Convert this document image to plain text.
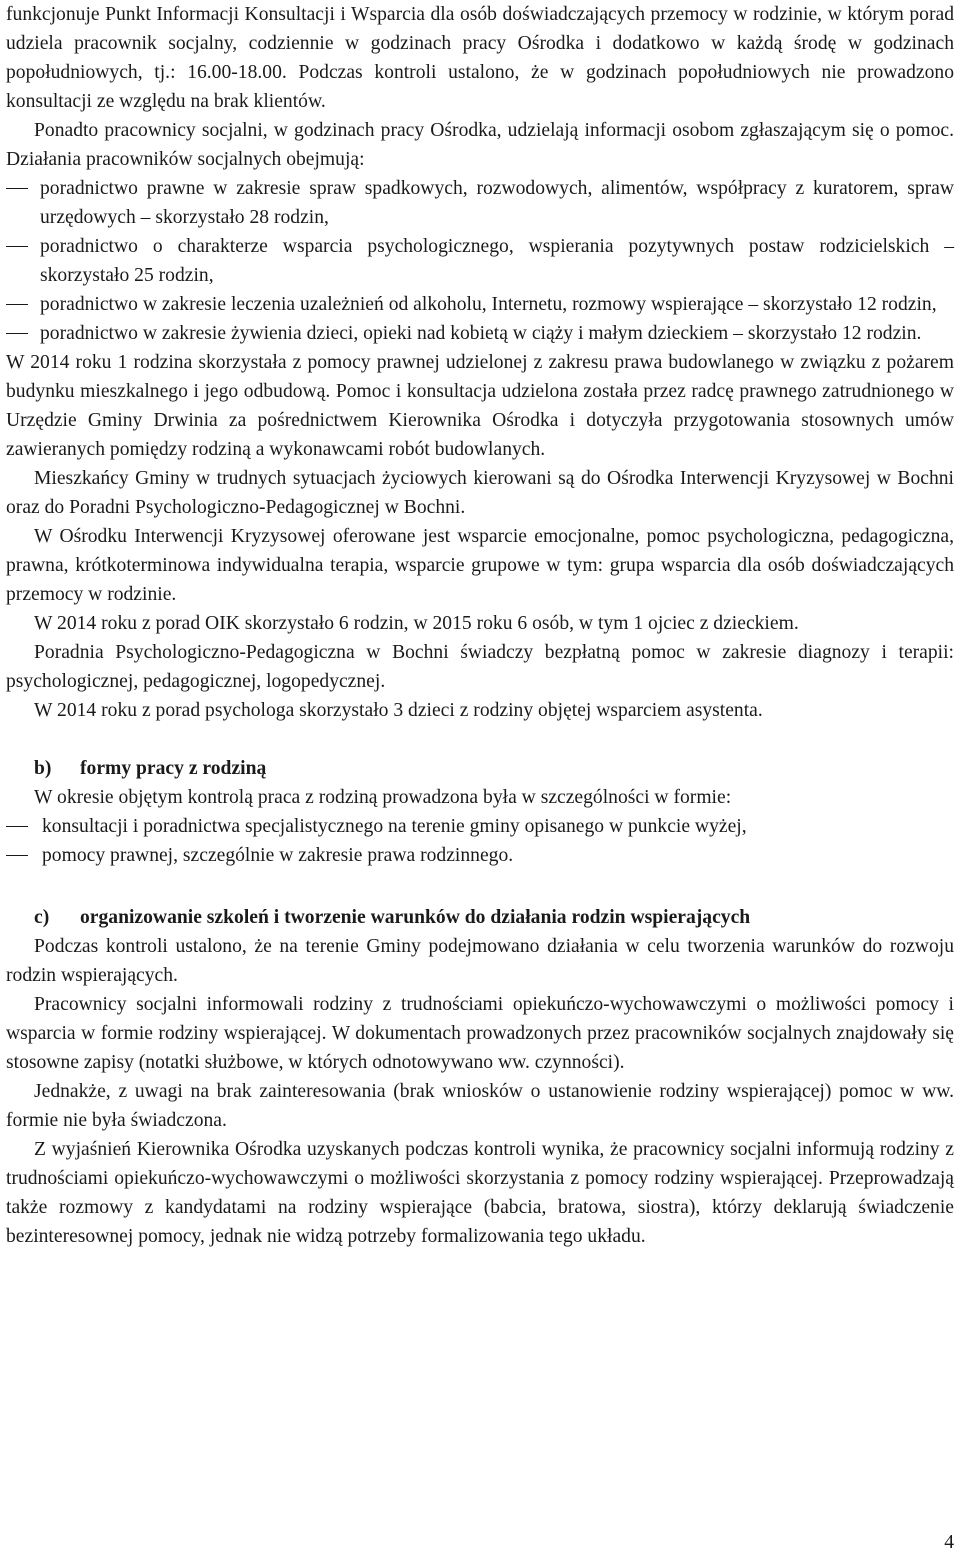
funkcjonuje Punkt Informacji Konsultacji i Wsparcia dla osób doświadczających przemocy w rodzinie, w którym porad udziela pracownik socjalny, codziennie w godzinach pracy Ośrodka i dodatkowo w każdą środę w godzinach popołudniowych, tj.: 16.00-18.00. Podczas kontroli ustalono, że w godzinach popołudniowych nie prowadzono konsultacji ze względu na brak klientów.

Ponadto pracownicy socjalni, w godzinach pracy Ośrodka, udzielają informacji osobom zgłaszającym się o pomoc. Działania pracowników socjalnych obejmują:

poradnictwo prawne w zakresie spraw spadkowych, rozwodowych, alimentów, współpracy z kuratorem, spraw urzędowych – skorzystało 28 rodzin,
poradnictwo o charakterze wsparcia psychologicznego, wspierania pozytywnych postaw rodzicielskich – skorzystało 25 rodzin,
poradnictwo w zakresie leczenia uzależnień od alkoholu, Internetu, rozmowy wspierające – skorzystało 12 rodzin,
poradnictwo w zakresie żywienia dzieci, opieki nad kobietą w ciąży i małym dzieckiem – skorzystało 12 rodzin.

W 2014 roku 1 rodzina skorzystała z pomocy prawnej udzielonej z zakresu prawa budowlanego w związku z pożarem budynku mieszkalnego i jego odbudową. Pomoc i konsultacja udzielona została przez radcę prawnego zatrudnionego w Urzędzie Gminy Drwinia za pośrednictwem Kierownika Ośrodka i dotyczyła przygotowania stosownych umów zawieranych pomiędzy rodziną a wykonawcami robót budowlanych.

Mieszkańcy Gminy w trudnych sytuacjach życiowych kierowani są do Ośrodka Interwencji Kryzysowej w Bochni oraz do Poradni Psychologiczno-Pedagogicznej w Bochni.

W Ośrodku Interwencji Kryzysowej oferowane jest wsparcie emocjonalne, pomoc psychologiczna, pedagogiczna, prawna, krótkoterminowa indywidualna terapia, wsparcie grupowe w tym: grupa wsparcia dla osób doświadczających przemocy w rodzinie.

W 2014 roku z porad OIK skorzystało 6 rodzin, w 2015 roku 6 osób, w tym 1 ojciec z dzieckiem.

Poradnia Psychologiczno-Pedagogiczna w Bochni świadczy bezpłatną pomoc w zakresie diagnozy i terapii: psychologicznej, pedagogicznej, logopedycznej.

W 2014 roku z porad psychologa skorzystało 3 dzieci z rodziny objętej wsparciem asystenta.

b) formy pracy z rodziną

W okresie objętym kontrolą praca z rodziną prowadzona była w szczególności w formie:

konsultacji i poradnictwa specjalistycznego na terenie gminy opisanego w punkcie wyżej,
pomocy prawnej, szczególnie w zakresie prawa rodzinnego.
c) organizowanie szkoleń i tworzenie warunków do działania rodzin wspierających

Podczas kontroli ustalono, że na terenie Gminy podejmowano działania w celu tworzenia warunków do rozwoju rodzin wspierających.

Pracownicy socjalni informowali rodziny z trudnościami opiekuńczo-wychowawczymi o możliwości pomocy i wsparcia w formie rodziny wspierającej. W dokumentach prowadzonych przez pracowników socjalnych znajdowały się stosowne zapisy (notatki służbowe, w których odnotowywano ww. czynności).

Jednakże, z uwagi na brak zainteresowania (brak wniosków o ustanowienie rodziny wspierającej) pomoc w ww. formie nie była świadczona.

Z wyjaśnień Kierownika Ośrodka uzyskanych podczas kontroli wynika, że pracownicy socjalni informują rodziny z trudnościami opiekuńczo-wychowawczymi o możliwości skorzystania z pomocy rodziny wspierającej. Przeprowadzają także rozmowy z kandydatami na rodziny wspierające (babcia, bratowa, siostra), którzy deklarują świadczenie bezinteresownej pomocy, jednak nie widzą potrzeby formalizowania tego układu.

4
